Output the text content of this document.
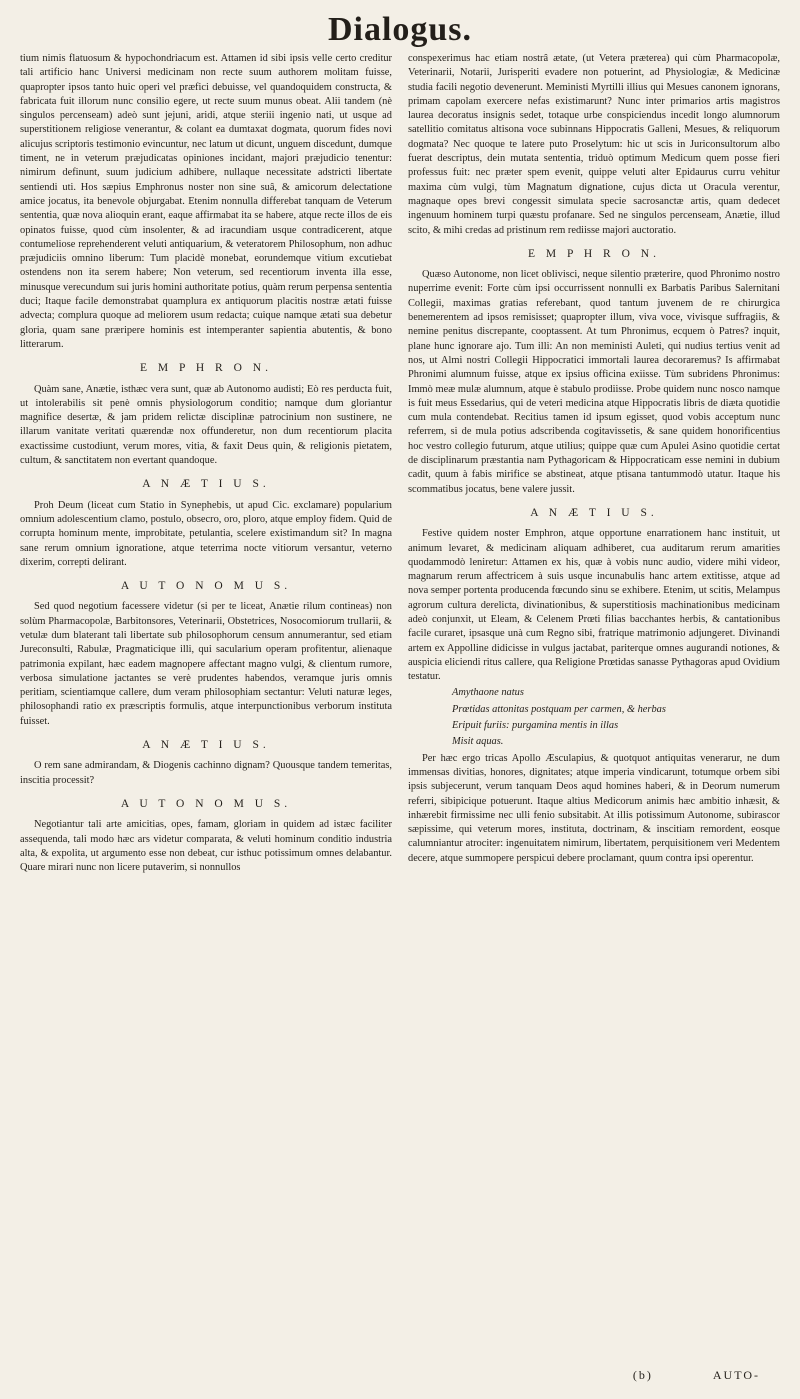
Dialogus.

tium nimis flatuosum & hypochondriacum est. Attamen id sibi ipsis velle certo creditur tali artificio hanc Universi medicinam non recte suum authorem molitam fuisse, quapropter ipsos tanto huic operi vel præfici debuisse, vel quandoquidem constructa, & fabricata fuit illorum nunc consilio egere, ut recte suum munus obeat. Alii tandem (nè singulos percenseam) adeò sunt jejuni, aridi, atque steriii ingenio nati, ut usque ad superstitionem religiose venerantur, & colant ea dumtaxat dogmata, quorum fides novi alicujus scriptoris testimonio evincuntur, nec latum ut dicunt, unguem discedunt, dumque timent, ne in veterum præjudicatas opiniones incidant, majori præjudicio tenentur: nimirum definunt, suum judicium adhibere, nullaque necessitate adstricti libertate sentiendi uti. Hos sæpius Emphronus noster non sine suâ, & amicorum delectatione amice jocatus, ita benevole objurgabat. Etenim nonnulla differebat tanquam de Veterum sententia, quæ nova alioquin erant, eaque affirmabat ita se habere, atque recte illos de eis opinatos fuisse, quod cùm insolenter, & ad iracundiam usque contradicerent, atque contumeliose reprehenderent veluti antiquarium, & veteratorem Philosophum, non adhuc præjudiciis omnino liberum: Tum placidè monebat, eorundemque vitium excutiebat ostendens non ita serem habere; Non veterum, sed recentiorum inventa illa esse, minusque verecundum sui juris homini authoritate potius, quàm rerum perpensa sententia duci; Itaque facile demonstrabat quamplura ex antiquorum placitis nostræ ætati fuisse advecta; complura quoque ad meliorem usum redacta; cuique namque ætati sua debetur gloria, quam sane præripere hominis est intemperanter sapientia abutentis, & bono litterarum.

E M P H R O N.

Quàm sane, Anætie, isthæc vera sunt, quæ ab Autonomo audisti; Eò res perducta fuit, ut intolerabilis sit penè omnis physiologorum conditio; namque dum gloriantur magnifice desertæ, & jam pridem relictæ disciplinæ patrocinium non sustinere, ne illarum vanitate veritati quærendæ nox offunderetur, non dum recentiorum placita exactissime custodiunt, verum mores, vitia, & faxit Deus quin, & religionis pietatem, cultum, & sanctitatem non evertant quandoque.

A N Æ T I U S.

Proh Deum (liceat cum Statio in Synephebis, ut apud Cic. exclamare) popularium omnium adolescentium clamo, postulo, obsecro, oro, ploro, atque employ fidem. Quid de corrupta hominum mente, improbitate, petulantia, scelere existimandum sit? In magna sane rerum omnium ignoratione, atque teterrima nocte vitiorum versantur, veterno dixerim, correpti delirant.

A U T O N O M U S.

Sed quod negotium facessere videtur (si per te liceat, Anætie rilum contineas) non solùm Pharmacopolæ, Barbitonsores, Veterinarii, Obstetrices, Nosocomiorum trullarii, & vetulæ dum blaterant tali libertate sub philosophorum censum annumerantur, sed etiam Jureconsulti, Rabulæ, Pragmaticique illi, qui sacularium operam profitentur, alienaque patrimonia expilant, hæc eadem magnopere affectant magno vulgi, & clientum rumore, verbosa simulatione jactantes se verè prudentes habendos, veramque juris omnis peritiam, scientiamque callere, dum veram philosophiam sectantur: Veluti naturæ leges, philosophandi ratio ex præscriptis formulis, atque interpunctionibus verborum instituta fuisset.

A N Æ T I U S.

O rem sane admirandam, & Diogenis cachinno dignam? Quousque tandem temeritas, inscitia processit?

A U T O N O M U S.

Negotiantur tali arte amicitias, opes, famam, gloriam in quidem ad istæc faciliter assequenda, tali modo hæc ars videtur comparata, & veluti hominum conditio industria alta, & expolita, ut argumento esse non debeat, cur isthuc potissimum omnes delabantur. Quare mirari nunc non licere putaverim, si nonnullos

conspexerimus hac etiam nostrâ ætate, (ut Vetera præterea) qui cùm Pharmacopolæ, Veterinarii, Notarii, Jurisperiti evadere non potuerint, ad Physiologiæ, & Medicinæ studia facili negotio devenerunt. Meministi Myrtilli illius qui Mesues canonem ignorans, primam capolam exercere nefas existimarunt? Nunc inter primarios artis magistros laurea decoratus insignis sedet, totaque urbe conspiciendus incedit longo alumnorum satellitio comitatus altisona voce subinnans Hippocratis Galleni, Mesues, & reliquorum dogmata? Nec quoque te latere puto Proselytum: hic ut scis in Juriconsultorum albo fuerat descriptus, dein mutata sententia, triduò optimum Medicum quem posse fieri professus fuit: nec præter spem evenit, quippe veluti alter Epidaurus curru vehitur maxima cùm vulgi, tùm Magnatum dignatione, cujus dicta ut Oracula verentur, magnaque opes brevi congessit simulata specie sacrosanctæ artis, quam dedecet ingenuum hominem turpi quæstu profanare. Sed ne singulos percenseam, Anætie, illud scito, & mihi credas ad pristinum rem rediisse majori auctoratio.

E M P H R O N.

Quæso Autonome, non licet oblivisci, neque silentio præterire, quod Phronimo nostro nuperrime evenit: Forte cùm ipsi occurrissent nonnulli ex Barbatis Paribus Salernitani Collegii, maximas gratias referebant, quod tantum juvenem de re chirurgica benemerentem ad ipsos remisisset; quapropter illum, viva voce, vivisque suffragiis, & nemine penitus discrepante, cooptassent. At tum Phronimus, ecquem ò Patres? inquit, plane hunc ignorare ajo. Tum illi: An non meministi Auleti, qui nudius tertius venit ad nos, ut Almi nostri Collegii Hippocratici immortali laurea decoraremus? Is affirmabat Phronimi alumnum fuisse, atque ex ipsius officina exiisse. Tùm subridens Phronimus: Immò meæ mulæ alumnum, atque è stabulo prodiisse. Probe quidem nunc nosco namque is fuit meus Essedarius, qui de veteri medicina atque Hippocratis libris de diæta quotidie cum mula contendebat. Recitius tamen id ipsum egisset, quod vobis acceptum nunc referrem, si de mula potius adscribenda cogitavissetis, & sane quidem honorificentius hoc vestro collegio futurum, atque utilius; quippe quæ cum Apulei Asino quotidie certat de disciplinarum præstantia nam Pythagoricam & Hippocraticam esse nemini in dubium cadit, quum à fabis mirifice se abstineat, atque ptisana tantummodò utatur. Itaque his scommatibus jocatus, bene valere jussit.

A N Æ T I U S.

Festive quidem noster Emphron, atque opportune enarrationem hanc instituit, ut animum levaret, & medicinam aliquam adhiberet, cua auditarum rerum amarities quodammodò leniretur: Attamen ex his, quæ à vobis nunc audio, videre mihi videor, magnarum rerum affectricem à suis usque incunabulis hanc artem extitisse, atque ad nova semper portenta producenda fœcundo sinu se exhibere. Etenim, ut scitis, Melampus agrorum cultura derelicta, divinationibus, & superstitiosis machinationibus medicinam adeò conjunxit, ut Eleam, & Celenem Prœti filias bacchantes herbis, & cantationibus facile curaret, ipsasque unà cum Regno sibi, fratrique matrimonio adjungeret. Divinandi artem ex Appolline didicisse in vulgus jactabat, pariterque omnes augurandi notiones, & auspicia eliciendi ritus callere, qua Religione Prœtidas sanasse Pythagoras apud Ovidium testatur.

Amythaone natus
Prœtidas attonitas postquam per carmen, & herbas
Eripuit furiis: purgamina mentis in illas
Misit aquas.

Per hæc ergo tricas Apollo Æsculapius, & quotquot antiquitas venerarur, ne dum immensas divitias, honores, dignitates; atque imperia vindicarunt, totumque orbem sibi ipsis subjecerunt, verum tanquam Deos aqud homines haberi, & in Deorum numerum referri, sibipicique potuerunt. Itaque altius Medicorum animis hæc ambitio inhæsit, & inhærebit firmissime nec ulli fenio subsitabit. At illis potissimum Autonome, subirascor sæpissime, qui veterum mores, instituta, doctrinam, & inscitiam remordent, eosque calumniantur atrociter: ingenuitatem nimirum, libertatem, perquisitionem veri Medentem decere, atque summopere perspicui debere proclamant, quum contra ipsi operentur.

(b)	AUTO-
